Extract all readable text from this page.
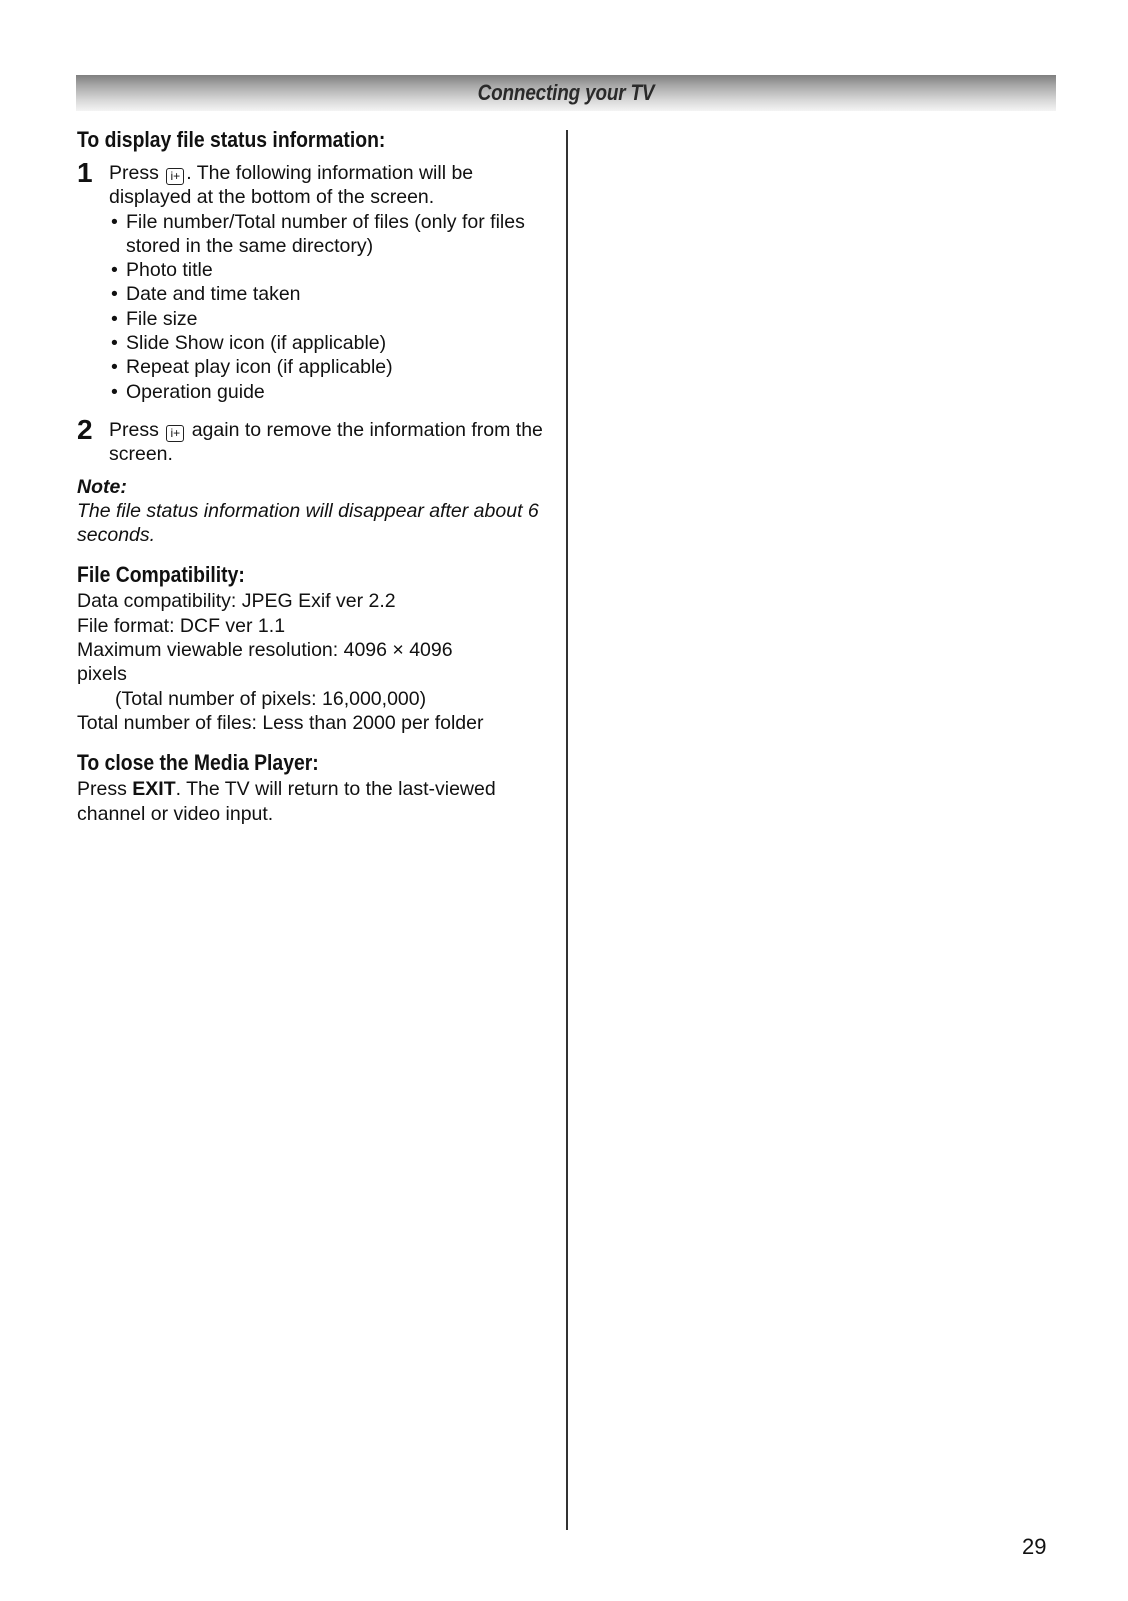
Connecting your TV
To display file status information:
1 Press i+ . The following information will be displayed at the bottom of the screen.
• File number/Total number of files (only for files stored in the same directory)
• Photo title
• Date and time taken
• File size
• Slide Show icon (if applicable)
• Repeat play icon (if applicable)
• Operation guide
2 Press i+ again to remove the information from the screen.
Note:
The file status information will disappear after about 6 seconds.
File Compatibility:
Data compatibility: JPEG Exif ver 2.2
File format: DCF ver 1.1
Maximum viewable resolution: 4096 × 4096 pixels
(Total number of pixels: 16,000,000)
Total number of files: Less than 2000 per folder
To close the Media Player:
Press EXIT. The TV will return to the last-viewed channel or video input.
29
